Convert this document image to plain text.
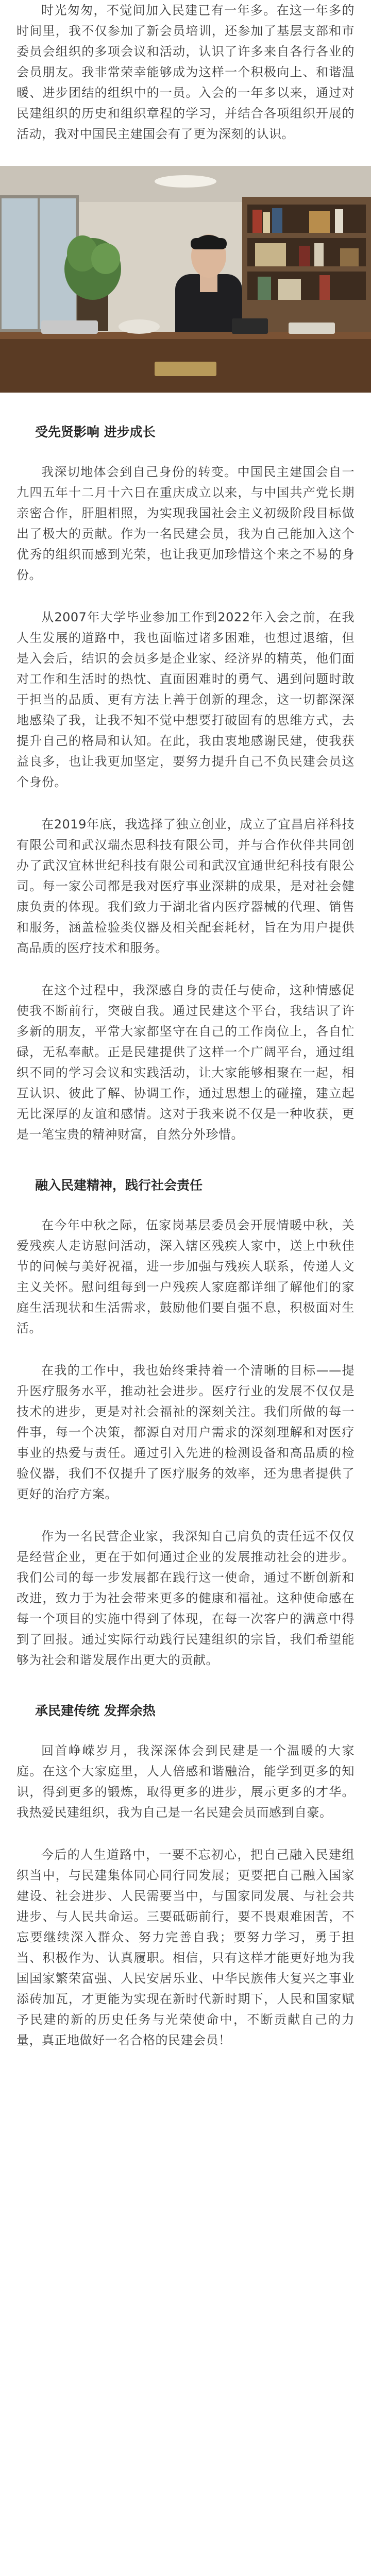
时光匆匆，不觉间加入民建已有一年多。在这一年多的时间里，我不仅参加了新会员培训，还参加了基层支部和市委员会组织的多项会议和活动，认识了许多来自各行各业的会员朋友。我非常荣幸能够成为这样一个积极向上、和谐温暖、进步团结的组织中的一员。入会的一年多以来，通过对民建组织的历史和组织章程的学习，并结合各项组织开展的活动，我对中国民主建国会有了更为深刻的认识。

受先贤影响 进步成长

我深切地体会到自己身份的转变。中国民主建国会自一九四五年十二月十六日在重庆成立以来，与中国共产党长期亲密合作，肝胆相照，为实现我国社会主义初级阶段目标做出了极大的贡献。作为一名民建会员，我为自己能加入这个优秀的组织而感到光荣，也让我更加珍惜这个来之不易的身份。

从2007年大学毕业参加工作到2022年入会之前，在我人生发展的道路中，我也面临过诸多困难，也想过退缩，但是入会后，结识的会员多是企业家、经济界的精英，他们面对工作和生活时的热忱、直面困难时的勇气、遇到问题时敢于担当的品质、更有方法上善于创新的理念，这一切都深深地感染了我，让我不知不觉中想要打破固有的思维方式，去提升自己的格局和认知。在此，我由衷地感谢民建，使我获益良多，也让我更加坚定，要努力提升自己不负民建会员这个身份。

在2019年底，我选择了独立创业，成立了宜昌启祥科技有限公司和武汉瑞杰思科技有限公司，并与合作伙伴共同创办了武汉宜林世纪科技有限公司和武汉宜通世纪科技有限公司。每一家公司都是我对医疗事业深耕的成果，是对社会健康负责的体现。我们致力于湖北省内医疗器械的代理、销售和服务，涵盖检验类仪器及相关配套耗材，旨在为用户提供高品质的医疗技术和服务。

在这个过程中，我深感自身的责任与使命，这种情感促使我不断前行，突破自我。通过民建这个平台，我结识了许多新的朋友，平常大家都坚守在自己的工作岗位上，各自忙碌，无私奉献。正是民建提供了这样一个广阔平台，通过组织不同的学习会议和实践活动，让大家能够相聚在一起，相互认识、彼此了解、协调工作，通过思想上的碰撞，建立起无比深厚的友谊和感情。这对于我来说不仅是一种收获，更是一笔宝贵的精神财富，自然分外珍惜。

融入民建精神，践行社会责任

在今年中秋之际，伍家岗基层委员会开展情暖中秋，关爱残疾人走访慰问活动，深入辖区残疾人家中，送上中秋佳节的问候与美好祝福，进一步加强与残疾人联系，传递人文主义关怀。慰问组每到一户残疾人家庭都详细了解他们的家庭生活现状和生活需求，鼓励他们要自强不息，积极面对生活。

在我的工作中，我也始终秉持着一个清晰的目标——提升医疗服务水平，推动社会进步。医疗行业的发展不仅仅是技术的进步，更是对社会福祉的深刻关注。我们所做的每一件事，每一个决策，都源自对用户需求的深刻理解和对医疗事业的热爱与责任。通过引入先进的检测设备和高品质的检验仪器，我们不仅提升了医疗服务的效率，还为患者提供了更好的治疗方案。

作为一名民营企业家，我深知自己肩负的责任远不仅仅是经营企业，更在于如何通过企业的发展推动社会的进步。我们公司的每一步发展都在践行这一使命，通过不断创新和改进，致力于为社会带来更多的健康和福祉。这种使命感在每一个项目的实施中得到了体现，在每一次客户的满意中得到了回报。通过实际行动践行民建组织的宗旨，我们希望能够为社会和谐发展作出更大的贡献。

承民建传统 发挥余热

回首峥嵘岁月，我深深体会到民建是一个温暖的大家庭。在这个大家庭里，人人倍感和谐融洽，能学到更多的知识，得到更多的锻炼，取得更多的进步，展示更多的才华。我热爱民建组织，我为自己是一名民建会员而感到自豪。

今后的人生道路中，一要不忘初心，把自己融入民建组织当中，与民建集体同心同行同发展；更要把自己融入国家建设、社会进步、人民需要当中，与国家同发展、与社会共进步、与人民共命运。三要砥砺前行，要不畏艰难困苦，不忘要继续深入群众、努力完善自我；要努力学习，勇于担当、积极作为、认真履职。相信，只有这样才能更好地为我国国家繁荣富强、人民安居乐业、中华民族伟大复兴之事业添砖加瓦，才更能为实现在新时代新时期下，人民和国家赋予民建的新的历史任务与光荣使命中，不断贡献自己的力量，真正地做好一名合格的民建会员！
